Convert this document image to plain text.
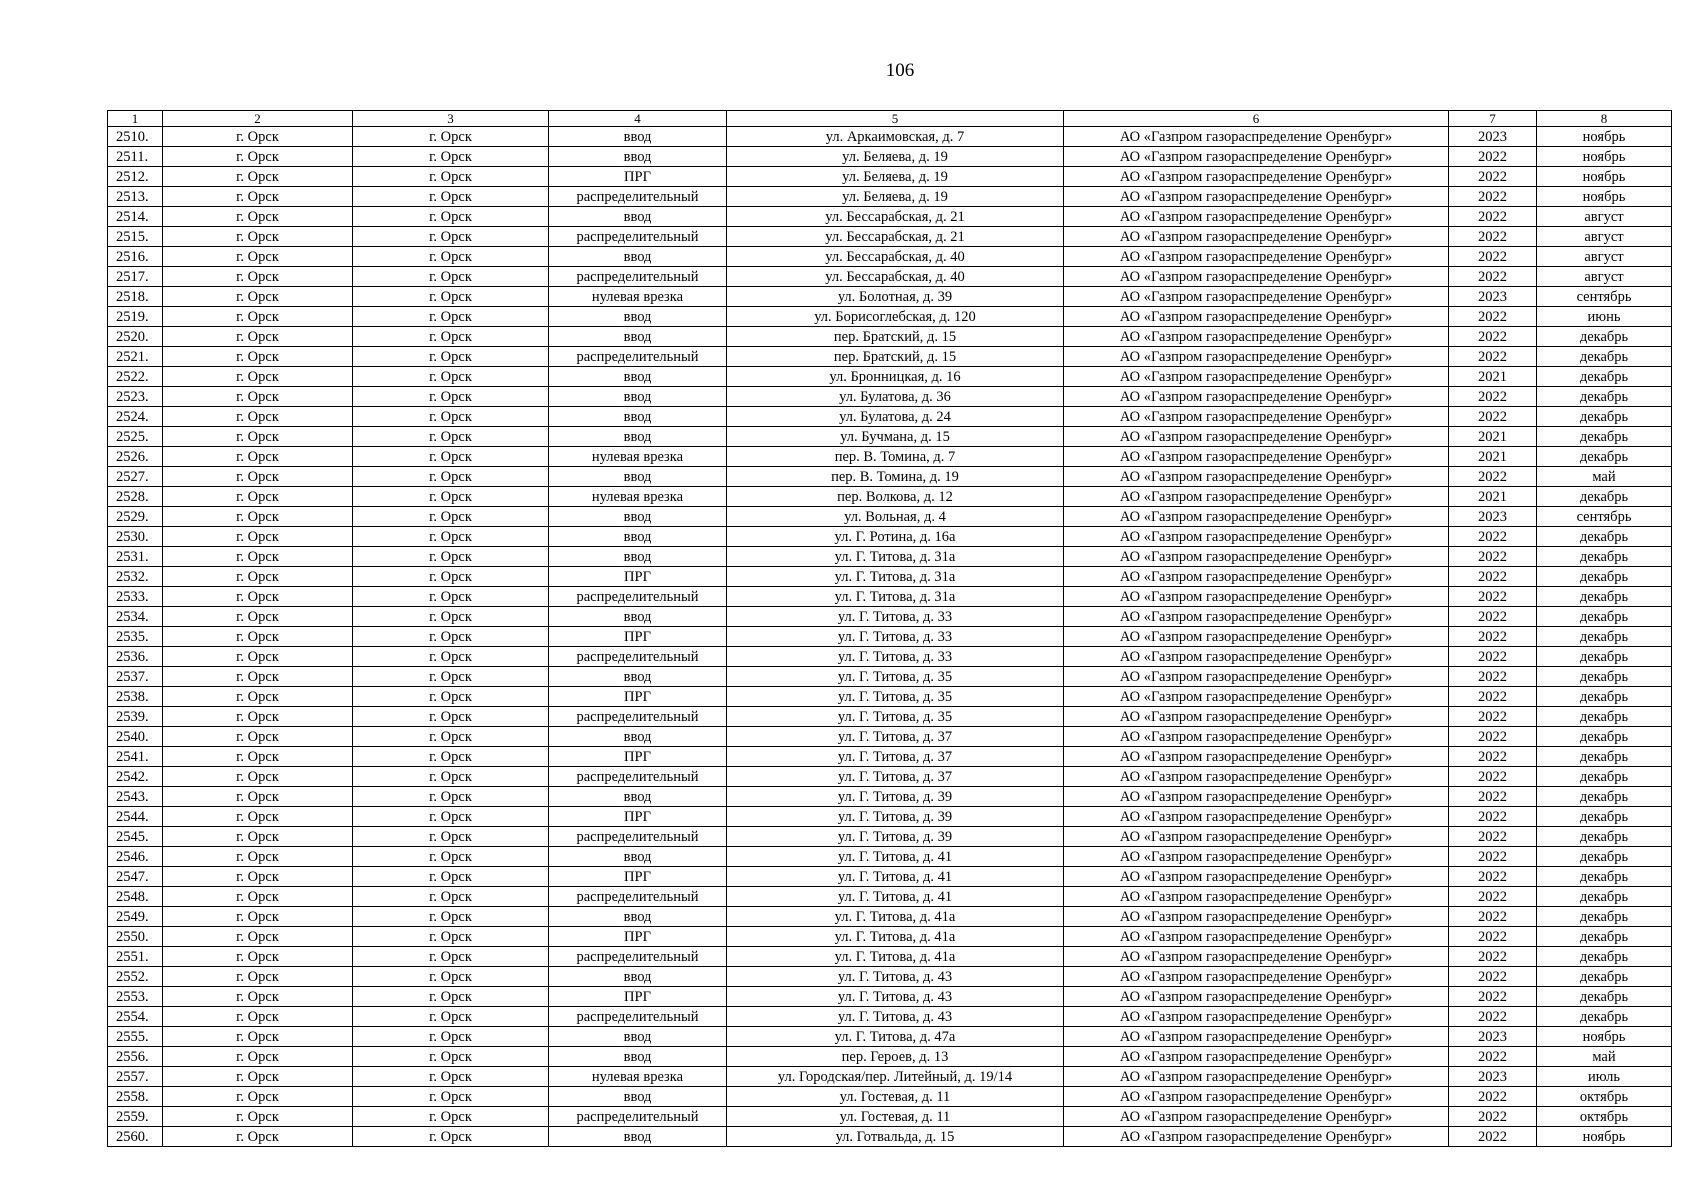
106
1	2	3	4	5	6	7	8
2510.	г. Орск	г. Орск	ввод	ул. Аркаимовская, д. 7	АО «Газпром газораспределение Оренбург»	2023	ноябрь
2511.	г. Орск	г. Орск	ввод	ул. Беляева, д. 19	АО «Газпром газораспределение Оренбург»	2022	ноябрь
2512.	г. Орск	г. Орск	ПРГ	ул. Беляева, д. 19	АО «Газпром газораспределение Оренбург»	2022	ноябрь
2513.	г. Орск	г. Орск	распределительный	ул. Беляева, д. 19	АО «Газпром газораспределение Оренбург»	2022	ноябрь
2514.	г. Орск	г. Орск	ввод	ул. Бессарабская, д. 21	АО «Газпром газораспределение Оренбург»	2022	август
2515.	г. Орск	г. Орск	распределительный	ул. Бессарабская, д. 21	АО «Газпром газораспределение Оренбург»	2022	август
2516.	г. Орск	г. Орск	ввод	ул. Бессарабская, д. 40	АО «Газпром газораспределение Оренбург»	2022	август
2517.	г. Орск	г. Орск	распределительный	ул. Бессарабская, д. 40	АО «Газпром газораспределение Оренбург»	2022	август
2518.	г. Орск	г. Орск	нулевая врезка	ул. Болотная, д. 39	АО «Газпром газораспределение Оренбург»	2023	сентябрь
2519.	г. Орск	г. Орск	ввод	ул. Борисоглебская, д. 120	АО «Газпром газораспределение Оренбург»	2022	июнь
2520.	г. Орск	г. Орск	ввод	пер. Братский, д. 15	АО «Газпром газораспределение Оренбург»	2022	декабрь
2521.	г. Орск	г. Орск	распределительный	пер. Братский, д. 15	АО «Газпром газораспределение Оренбург»	2022	декабрь
2522.	г. Орск	г. Орск	ввод	ул. Бронницкая, д. 16	АО «Газпром газораспределение Оренбург»	2021	декабрь
2523.	г. Орск	г. Орск	ввод	ул. Булатова, д. 36	АО «Газпром газораспределение Оренбург»	2022	декабрь
2524.	г. Орск	г. Орск	ввод	ул. Булатова, д. 24	АО «Газпром газораспределение Оренбург»	2022	декабрь
2525.	г. Орск	г. Орск	ввод	ул. Бучмана, д. 15	АО «Газпром газораспределение Оренбург»	2021	декабрь
2526.	г. Орск	г. Орск	нулевая врезка	пер. В. Томина, д. 7	АО «Газпром газораспределение Оренбург»	2021	декабрь
2527.	г. Орск	г. Орск	ввод	пер. В. Томина, д. 19	АО «Газпром газораспределение Оренбург»	2022	май
2528.	г. Орск	г. Орск	нулевая врезка	пер. Волкова, д. 12	АО «Газпром газораспределение Оренбург»	2021	декабрь
2529.	г. Орск	г. Орск	ввод	ул. Вольная, д. 4	АО «Газпром газораспределение Оренбург»	2023	сентябрь
2530.	г. Орск	г. Орск	ввод	ул. Г. Ротина, д. 16а	АО «Газпром газораспределение Оренбург»	2022	декабрь
2531.	г. Орск	г. Орск	ввод	ул. Г. Титова, д. 31а	АО «Газпром газораспределение Оренбург»	2022	декабрь
2532.	г. Орск	г. Орск	ПРГ	ул. Г. Титова, д. 31а	АО «Газпром газораспределение Оренбург»	2022	декабрь
2533.	г. Орск	г. Орск	распределительный	ул. Г. Титова, д. 31а	АО «Газпром газораспределение Оренбург»	2022	декабрь
2534.	г. Орск	г. Орск	ввод	ул. Г. Титова, д. 33	АО «Газпром газораспределение Оренбург»	2022	декабрь
2535.	г. Орск	г. Орск	ПРГ	ул. Г. Титова, д. 33	АО «Газпром газораспределение Оренбург»	2022	декабрь
2536.	г. Орск	г. Орск	распределительный	ул. Г. Титова, д. 33	АО «Газпром газораспределение Оренбург»	2022	декабрь
2537.	г. Орск	г. Орск	ввод	ул. Г. Титова, д. 35	АО «Газпром газораспределение Оренбург»	2022	декабрь
2538.	г. Орск	г. Орск	ПРГ	ул. Г. Титова, д. 35	АО «Газпром газораспределение Оренбург»	2022	декабрь
2539.	г. Орск	г. Орск	распределительный	ул. Г. Титова, д. 35	АО «Газпром газораспределение Оренбург»	2022	декабрь
2540.	г. Орск	г. Орск	ввод	ул. Г. Титова, д. 37	АО «Газпром газораспределение Оренбург»	2022	декабрь
2541.	г. Орск	г. Орск	ПРГ	ул. Г. Титова, д. 37	АО «Газпром газораспределение Оренбург»	2022	декабрь
2542.	г. Орск	г. Орск	распределительный	ул. Г. Титова, д. 37	АО «Газпром газораспределение Оренбург»	2022	декабрь
2543.	г. Орск	г. Орск	ввод	ул. Г. Титова, д. 39	АО «Газпром газораспределение Оренбург»	2022	декабрь
2544.	г. Орск	г. Орск	ПРГ	ул. Г. Титова, д. 39	АО «Газпром газораспределение Оренбург»	2022	декабрь
2545.	г. Орск	г. Орск	распределительный	ул. Г. Титова, д. 39	АО «Газпром газораспределение Оренбург»	2022	декабрь
2546.	г. Орск	г. Орск	ввод	ул. Г. Титова, д. 41	АО «Газпром газораспределение Оренбург»	2022	декабрь
2547.	г. Орск	г. Орск	ПРГ	ул. Г. Титова, д. 41	АО «Газпром газораспределение Оренбург»	2022	декабрь
2548.	г. Орск	г. Орск	распределительный	ул. Г. Титова, д. 41	АО «Газпром газораспределение Оренбург»	2022	декабрь
2549.	г. Орск	г. Орск	ввод	ул. Г. Титова, д. 41а	АО «Газпром газораспределение Оренбург»	2022	декабрь
2550.	г. Орск	г. Орск	ПРГ	ул. Г. Титова, д. 41а	АО «Газпром газораспределение Оренбург»	2022	декабрь
2551.	г. Орск	г. Орск	распределительный	ул. Г. Титова, д. 41а	АО «Газпром газораспределение Оренбург»	2022	декабрь
2552.	г. Орск	г. Орск	ввод	ул. Г. Титова, д. 43	АО «Газпром газораспределение Оренбург»	2022	декабрь
2553.	г. Орск	г. Орск	ПРГ	ул. Г. Титова, д. 43	АО «Газпром газораспределение Оренбург»	2022	декабрь
2554.	г. Орск	г. Орск	распределительный	ул. Г. Титова, д. 43	АО «Газпром газораспределение Оренбург»	2022	декабрь
2555.	г. Орск	г. Орск	ввод	ул. Г. Титова, д. 47а	АО «Газпром газораспределение Оренбург»	2023	ноябрь
2556.	г. Орск	г. Орск	ввод	пер. Героев, д. 13	АО «Газпром газораспределение Оренбург»	2022	май
2557.	г. Орск	г. Орск	нулевая врезка	ул. Городская/пер. Литейный, д. 19/14	АО «Газпром газораспределение Оренбург»	2023	июль
2558.	г. Орск	г. Орск	ввод	ул. Гостевая, д. 11	АО «Газпром газораспределение Оренбург»	2022	октябрь
2559.	г. Орск	г. Орск	распределительный	ул. Гостевая, д. 11	АО «Газпром газораспределение Оренбург»	2022	октябрь
2560.	г. Орск	г. Орск	ввод	ул. Готвальда, д. 15	АО «Газпром газораспределение Оренбург»	2022	ноябрь
